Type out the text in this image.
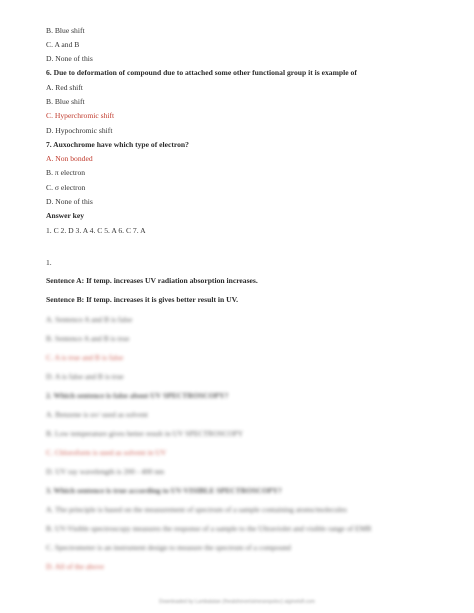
B. Blue shift
C. A and B
D. None of this
6. Due to deformation of compound due to attached some other functional group it is example of
A. Red shift
B. Blue shift
C. Hyperchromic shift
D. Hypochromic shift
7. Auxochrome have which type of electron?
A. Non bonded
B. π electron
C. σ electron
D. None of this
Answer key
1. C 2. D 3. A 4. C 5. A 6. C 7. A
1.
Sentence A: If temp. increases UV radiation absorption increases.
Sentence B: If temp. increases it is gives better result in UV.
A. Sentence A and B is false
B. Sentence A and B is true
C. A is true and B is false
D. A is false and B is true
2. Which sentence is false about UV SPECTROSCOPY?
A. Benzene is uv/ used as solvent
B. Low temperature gives better result in UV SPECTROSCOPY
C. Chloroform is used as solvent in UV
D. UV ray wavelength is 200 - 400 nm
3. Which sentence is true according to UV-VISIBLE SPECTROSCOPY?
A. The principle is based on the measurement of spectrum of a sample containing atoms/molecules
B. UV-Visible spectroscopy measures the response of a sample to the Ultraviolet and visible range of EMR
C. Spectrometer is an instrument design to measure the spectrum of a compound
D. All of the above
Downloaded by Lumbalatan (Ihealsheverisimesexpoloc) aigmelsfl.com
